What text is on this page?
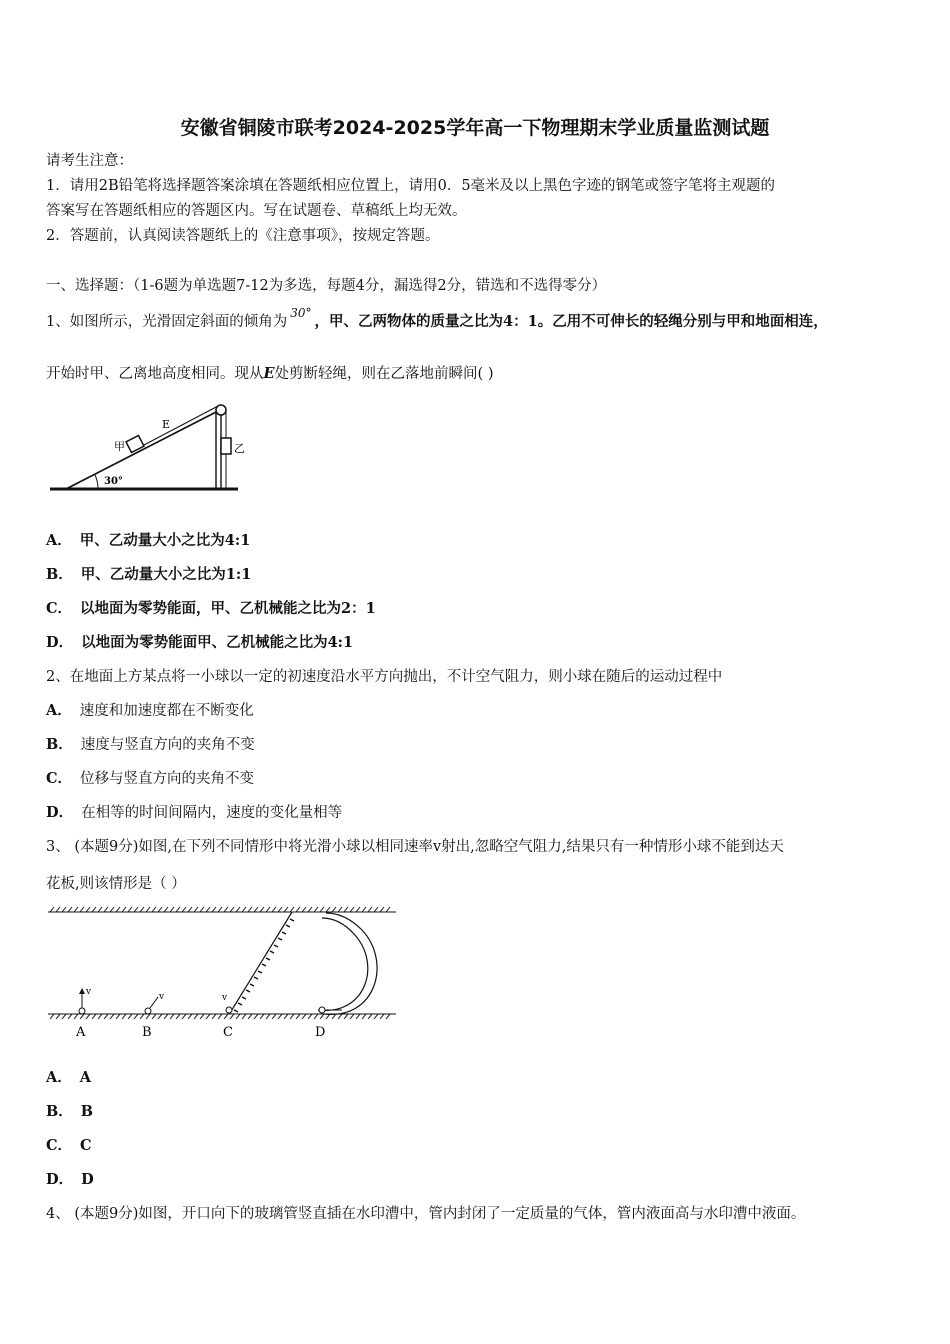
安徽省铜陵市联考2024-2025学年高一下物理期末学业质量监测试题
请考生注意：
1．请用2B铅笔将选择题答案涂填在答题纸相应位置上，请用0．5毫米及以上黑色字迹的钢笔或签字笔将主观题的
答案写在答题纸相应的答题区内。写在试题卷、草稿纸上均无效。
2．答题前，认真阅读答题纸上的《注意事项》，按规定答题。
一、选择题：（1-6题为单选题7-12为多选，每题4分，漏选得2分，错选和不选得零分）
1、如图所示，光滑固定斜面的倾角为$^{30^\circ}$ ，甲、乙两物体的质量之比为4：1。乙用不可伸长的轻绳分别与甲和地面相连，
开始时甲、乙离地高度相同。现从E处剪断轻绳，则在乙落地前瞬间( )
甲
E
乙
30°
A． 甲、乙动量大小之比为4:1
B． 甲、乙动量大小之比为1:1
C． 以地面为零势能面，甲、乙机械能之比为2：1
D． 以地面为零势能面甲、乙机械能之比为4:1
2、在地面上方某点将一小球以一定的初速度沿水平方向抛出，不计空气阻力，则小球在随后的运动过程中
A． 速度和加速度都在不断变化
B． 速度与竖直方向的夹角不变
C． 位移与竖直方向的夹角不变
D． 在相等的时间间隔内，速度的变化量相等
3、 (本题9分)如图,在下列不同情形中将光滑小球以相同速率v射出,忽略空气阻力,结果只有一种情形小球不能到达天
花板,则该情形是（ ）
v	v	v
A	B	C	D
A． A
B． B
C． C
D． D
4、 (本题9分)如图，开口向下的玻璃管竖直插在水印漕中，管内封闭了一定质量的气体，管内液面高与水印漕中液面。
